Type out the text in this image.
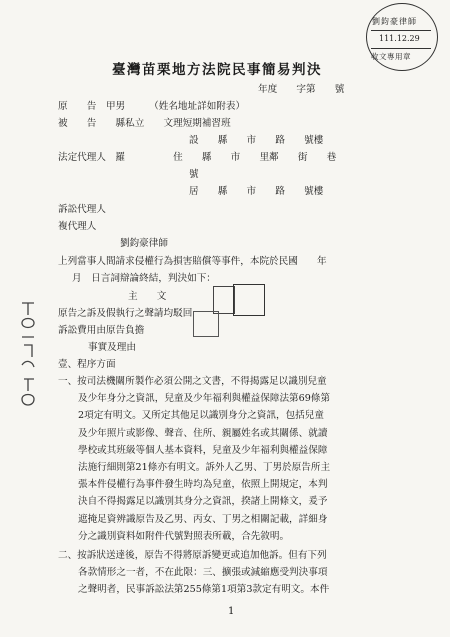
劉鈞豪律師
111.12.29
收文專用章
臺灣苗栗地方法院民事簡易判決
年度　　字第　　號
原　　告　甲男　　　（姓名地址詳如附表）
被　　告　　縣私立　　文理短期補習班
設　　縣　　市　　路　　號樓
法定代理人　羅　　　　　住　　縣　　市　　里鄰　　街　　巷
號
居　　縣　　市　　路　　號樓
訴訟代理人
複代理人
劉鈞豪律師
上列當事人間請求侵權行為損害賠償等事件，本院於民國　　年
月　日言詞辯論終結，判決如下：
主　　文
原告之訴及假執行之聲請均駁回
訴訟費用由原告負擔
事實及理由
壹、程序方面
一、按司法機關所製作必須公開之文書，不得揭露足以識別兒童
及少年身分之資訊，兒童及少年福利與權益保障法第69條第
2項定有明文。又所定其他足以識別身分之資訊，包括兒童
及少年照片或影像、聲音、住所、親屬姓名或其關係、就讀
學校或其班級等個人基本資料，兒童及少年福利與權益保障
法施行細則第21條亦有明文。訴外人乙男、丁男於原告所主
張本件侵權行為事件發生時均為兒童，依照上開規定，本判
決自不得揭露足以識別其身分之資訊，揆諸上開條文，爰予
遮掩足資辨識原告及乙男、丙女、丁男之相關記載，詳細身
分之識別資料如附件代號對照表所載，合先敘明。
二、按訴狀送達後，原告不得將原訴變更或追加他訴。但有下列
各款情形之一者，不在此限：三、擴張或減縮應受判決事項
之聲明者，民事訴訟法第255條第1項第3款定有明文。本件
1
